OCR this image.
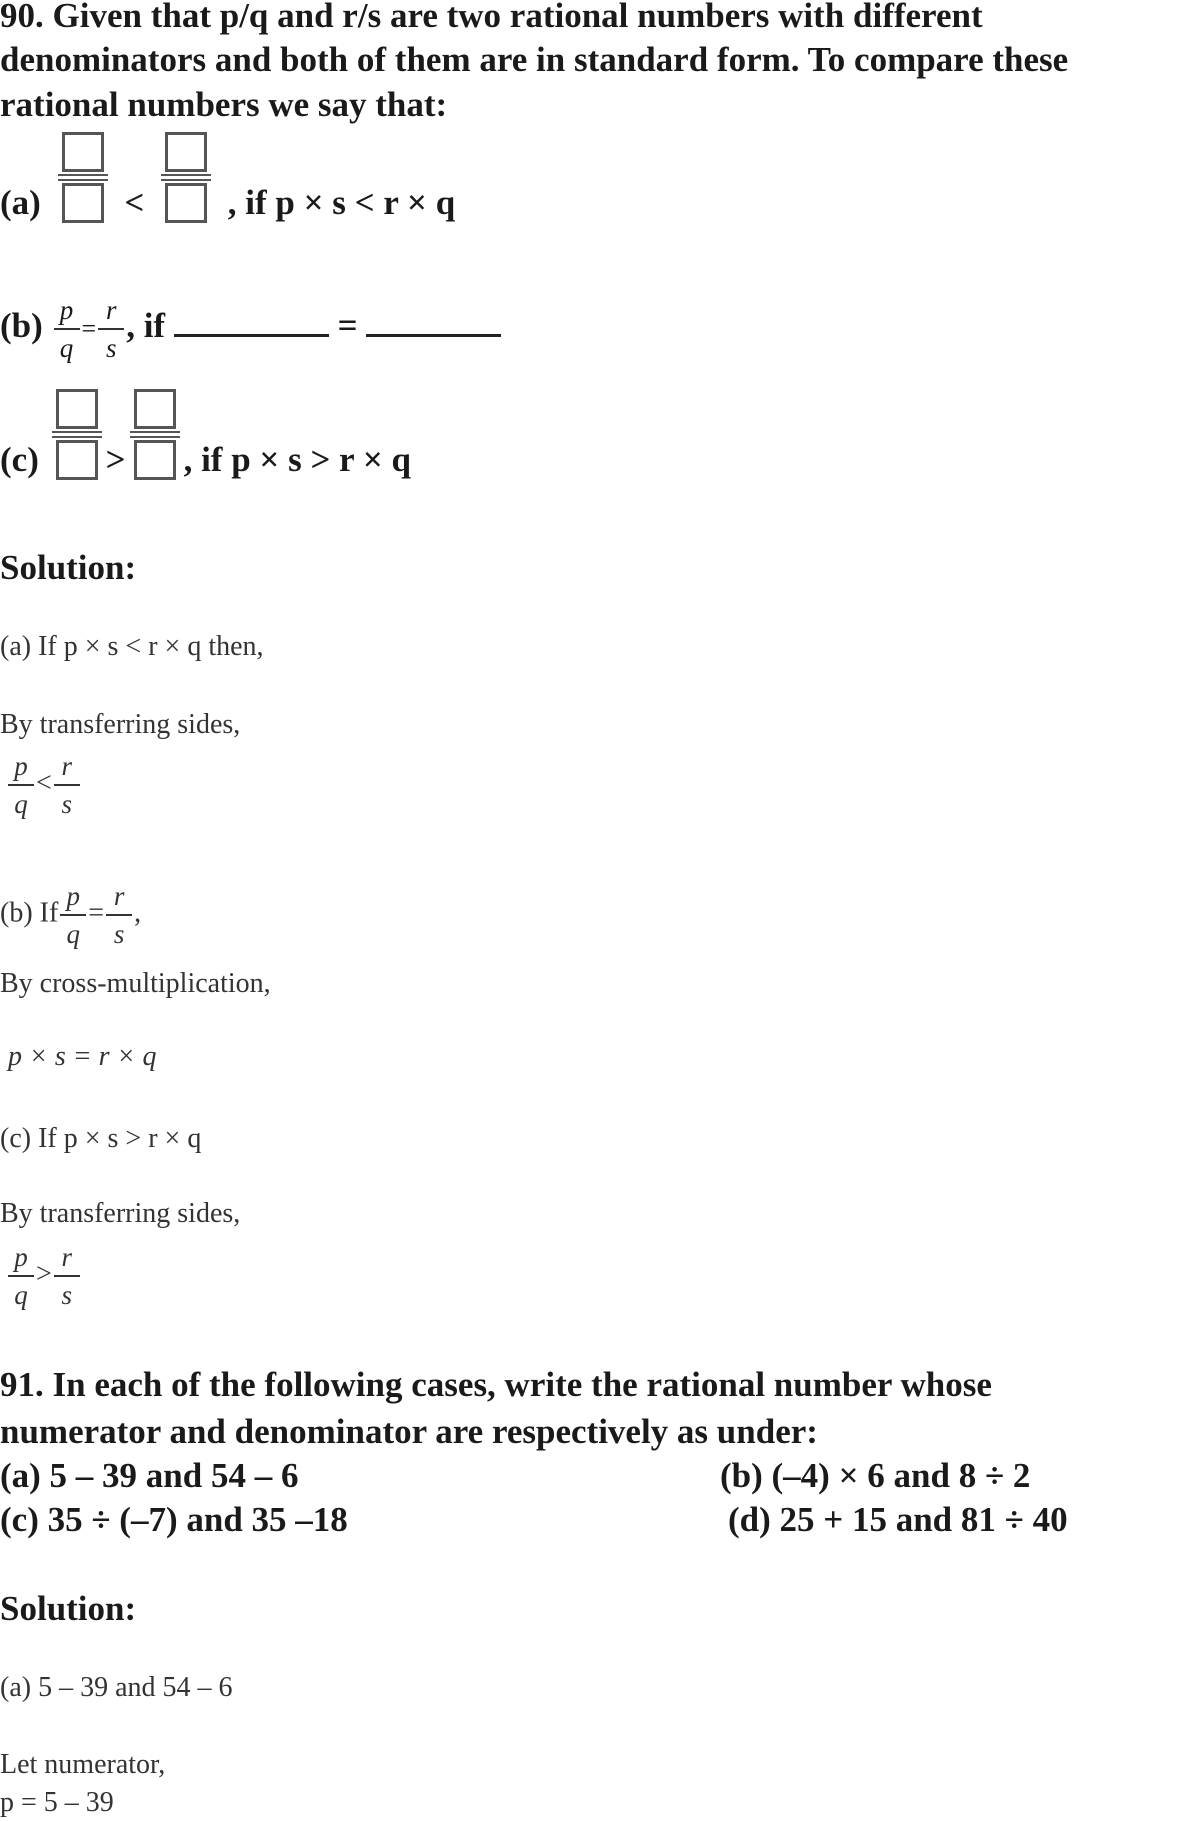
90. Given that p/q and r/s are two rational numbers with different
denominators and both of them are in standard form. To compare these
rational numbers we say that:
(a) < , if p × s < r × q
$(b) \frac{p}{q} = \frac{r}{s}$ , if	=
(c) > , if p × s > r × q
Solution:
(a) If p × s < r × q then,
By transferring sides,
$\frac{p}{q} < \frac{r}{s}$
(b) If $\frac{p}{q} = \frac{r}{s}$ ,
By cross-multiplication,
p × s = r × q
(c) If p × s > r × q
By transferring sides,
$\frac{p}{q} > \frac{r}{s}$
91. In each of the following cases, write the rational number whose
numerator and denominator are respectively as under:
(a) 5 – 39 and 54 – 6	(b) (–4) × 6 and 8 ÷ 2
(c) 35 ÷ (–7) and 35 –18	(d) 25 + 15 and 81 ÷ 40
Solution:
(a) 5 – 39 and 54 – 6
Let numerator,
p = 5 – 39
